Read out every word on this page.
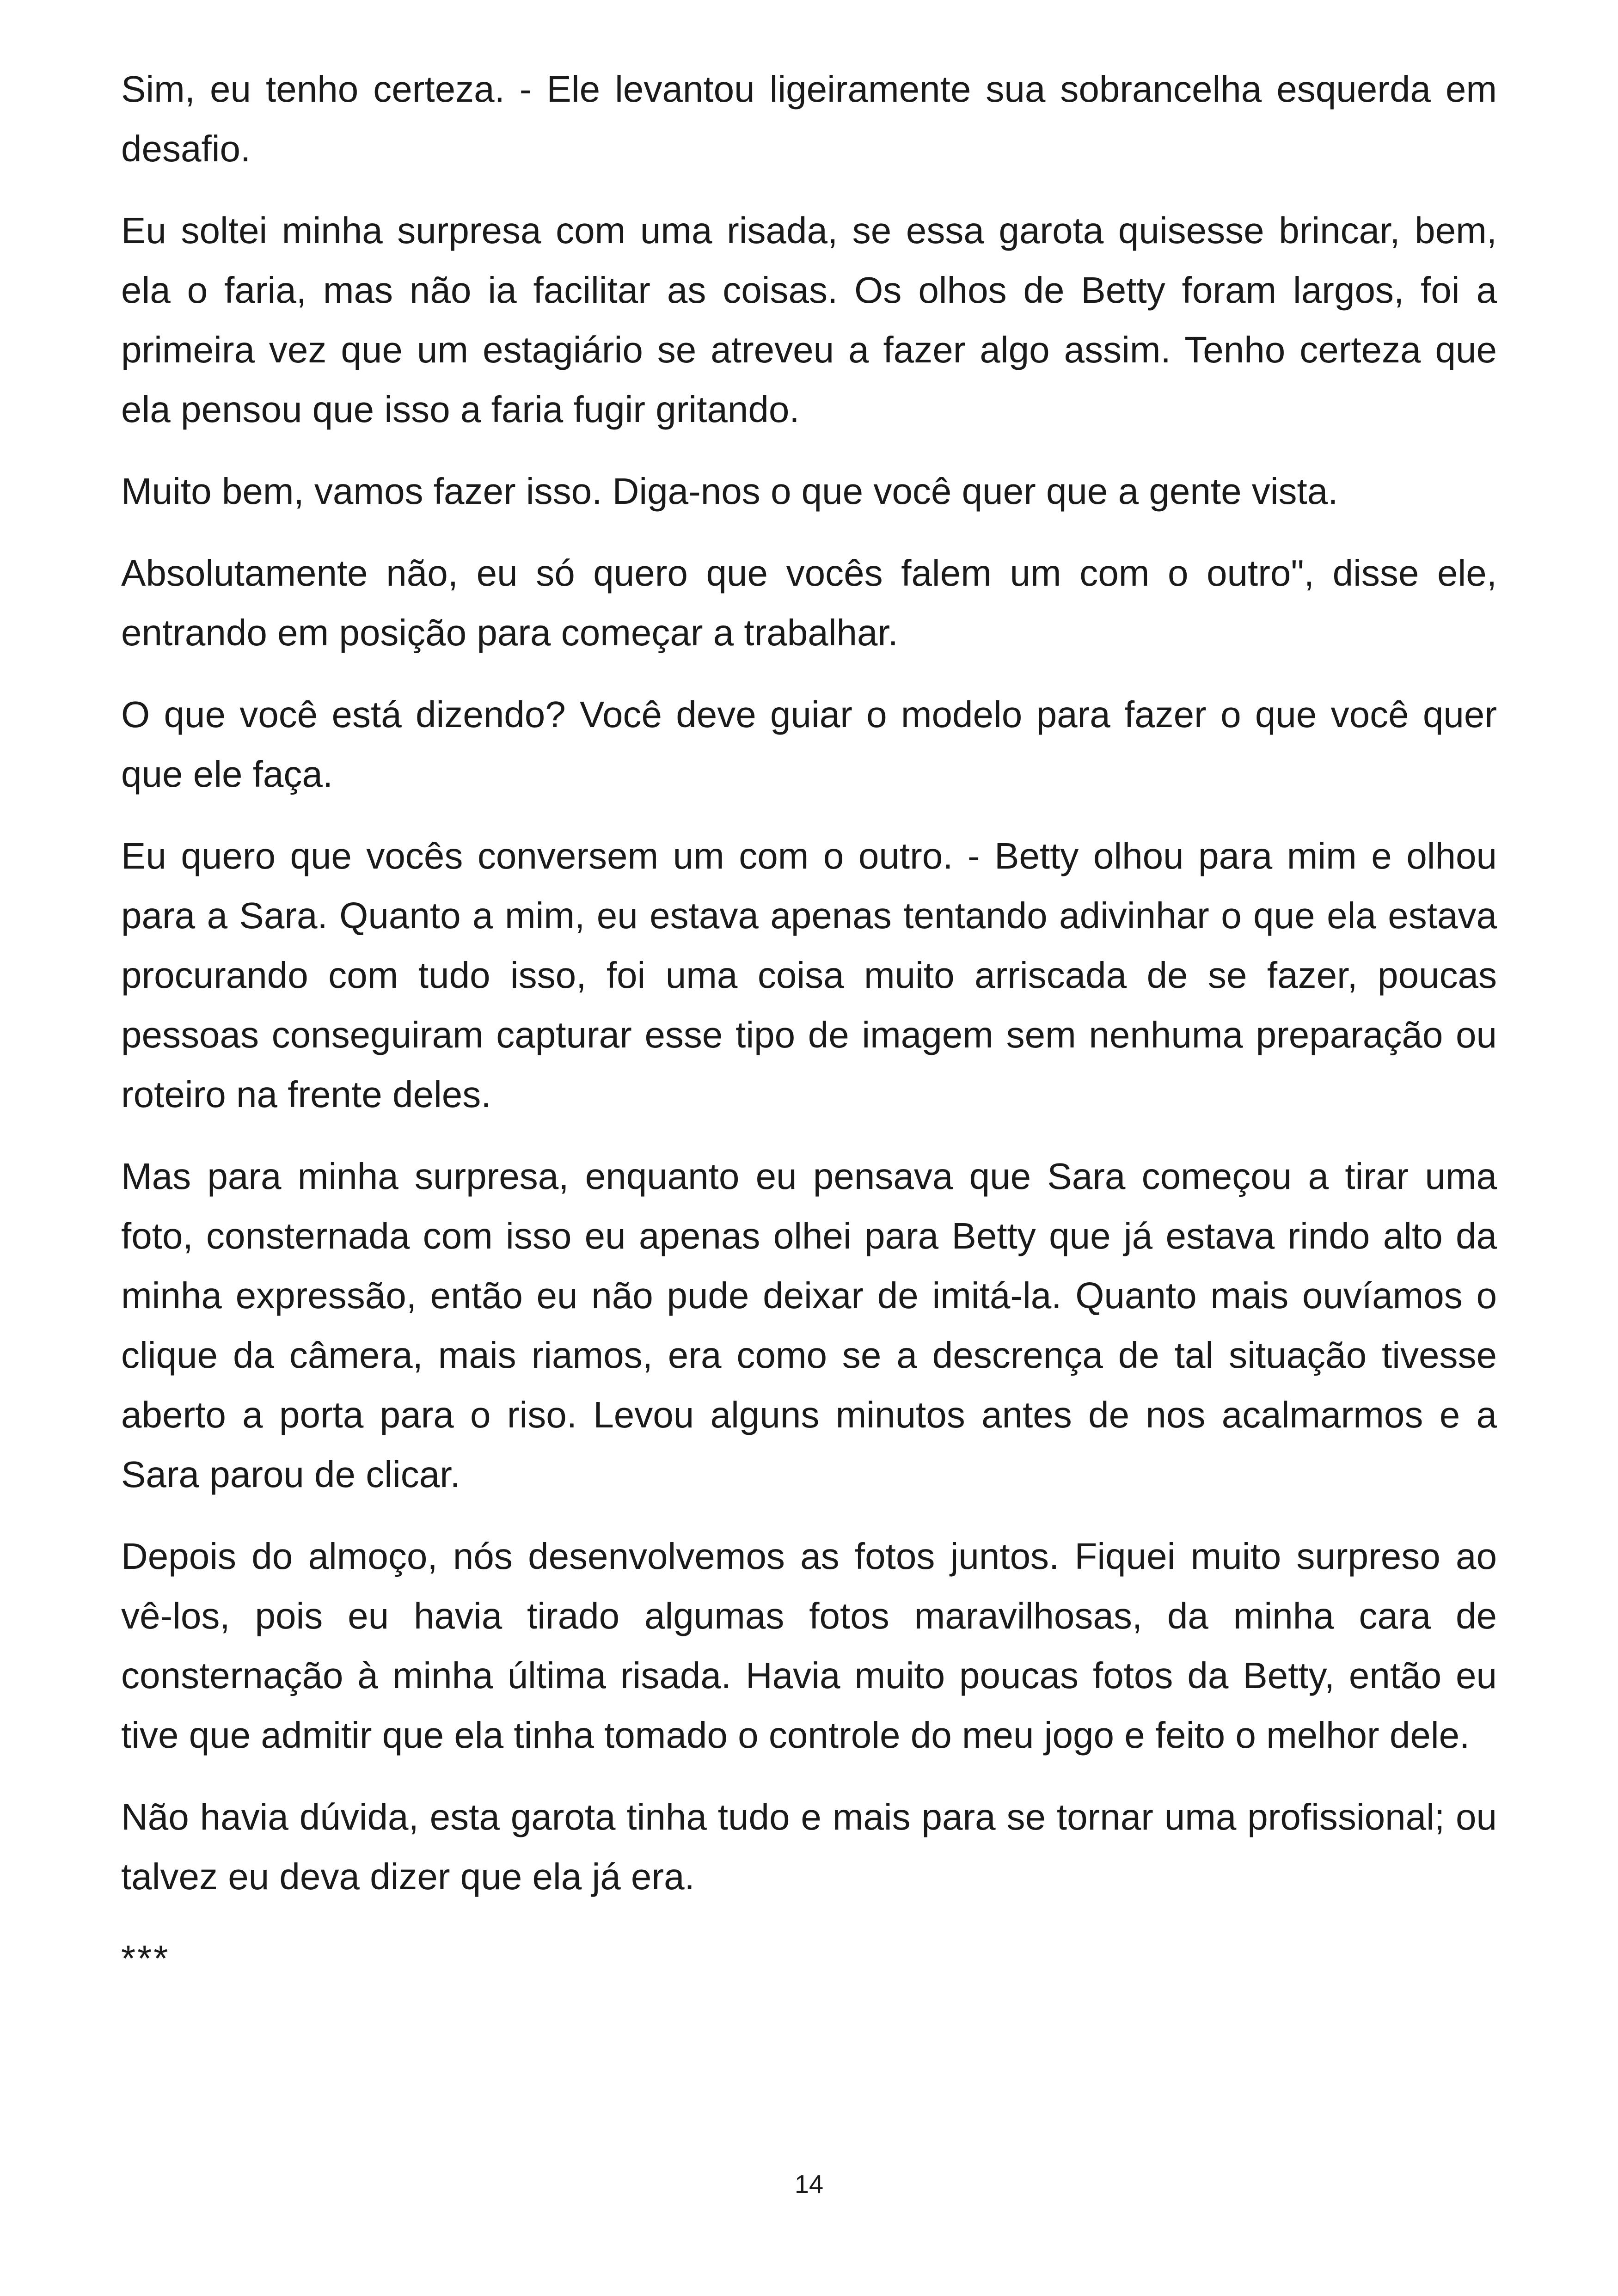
Sim, eu tenho certeza. - Ele levantou ligeiramente sua sobrancelha esquerda em desafio.

Eu soltei minha surpresa com uma risada, se essa garota quisesse brincar, bem, ela o faria, mas não ia facilitar as coisas. Os olhos de Betty foram largos, foi a primeira vez que um estagiário se atreveu a fazer algo assim. Tenho certeza que ela pensou que isso a faria fugir gritando.

Muito bem, vamos fazer isso. Diga-nos o que você quer que a gente vista.

Absolutamente não, eu só quero que vocês falem um com o outro", disse ele, entrando em posição para começar a trabalhar.

O que você está dizendo? Você deve guiar o modelo para fazer o que você quer que ele faça.

Eu quero que vocês conversem um com o outro. - Betty olhou para mim e olhou para a Sara. Quanto a mim, eu estava apenas tentando adivinhar o que ela estava procurando com tudo isso, foi uma coisa muito arriscada de se fazer, poucas pessoas conseguiram capturar esse tipo de imagem sem nenhuma preparação ou roteiro na frente deles.

Mas para minha surpresa, enquanto eu pensava que Sara começou a tirar uma foto, consternada com isso eu apenas olhei para Betty que já estava rindo alto da minha expressão, então eu não pude deixar de imitá-la. Quanto mais ouvíamos o clique da câmera, mais riamos, era como se a descrença de tal situação tivesse aberto a porta para o riso. Levou alguns minutos antes de nos acalmarmos e a Sara parou de clicar.

Depois do almoço, nós desenvolvemos as fotos juntos. Fiquei muito surpreso ao vê-los, pois eu havia tirado algumas fotos maravilhosas, da minha cara de consternação à minha última risada. Havia muito poucas fotos da Betty, então eu tive que admitir que ela tinha tomado o controle do meu jogo e feito o melhor dele.

Não havia dúvida, esta garota tinha tudo e mais para se tornar uma profissional; ou talvez eu deva dizer que ela já era.

***

14
